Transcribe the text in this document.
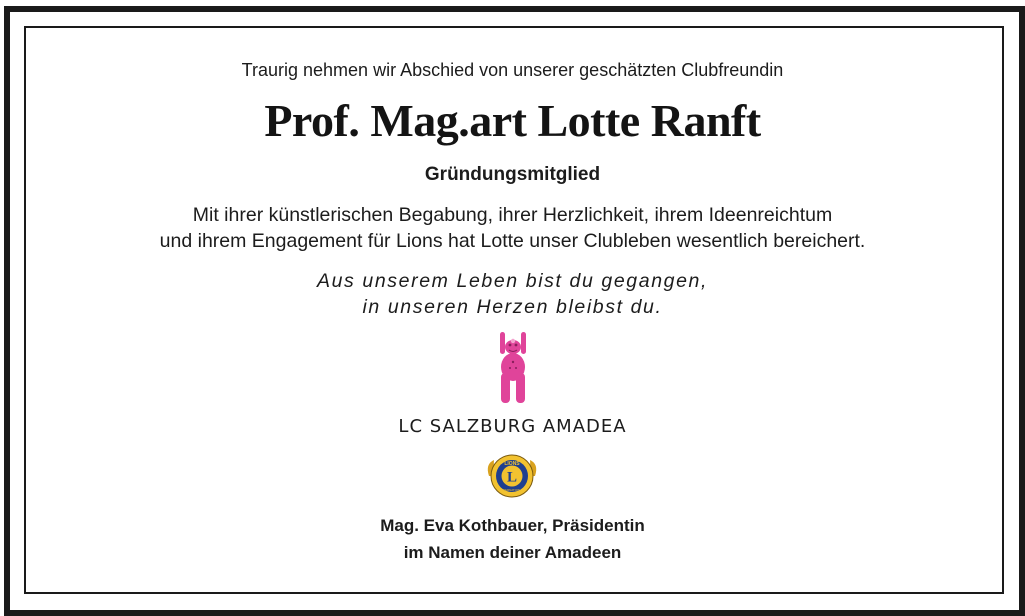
Traurig nehmen wir Abschied von unserer geschätzten Clubfreundin
Prof. Mag.art Lotte Ranft
Gründungsmitglied
Mit ihrer künstlerischen Begabung, ihrer Herzlichkeit, ihrem Ideenreichtum
und ihrem Engagement für Lions hat Lotte unser Clubleben wesentlich bereichert.
Aus unserem Leben bist du gegangen,
in unseren Herzen bleibst du.
LC SALZBURG AMADEA
L
LIONS
INTERNATIONAL
Mag. Eva Kothbauer, Präsidentin
im Namen deiner Amadeen
